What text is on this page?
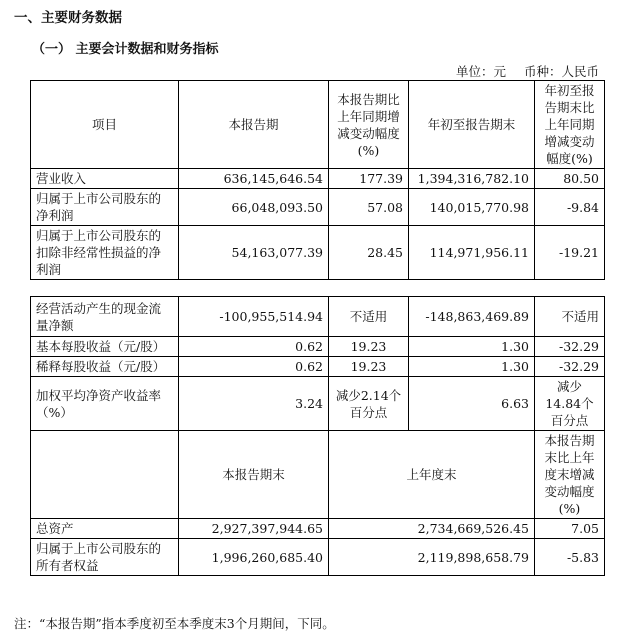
一、主要财务数据
（一） 主要会计数据和财务指标
单位：元 币种：人民币
项目	本报告期	本报告期比上年同期增减变动幅度(%)	年初至报告期末	年初至报告期末比上年同期增减变动幅度(%)
营业收入	636,145,646.54	177.39	1,394,316,782.10	80.50
归属于上市公司股东的净利润	66,048,093.50	57.08	140,015,770.98	-9.84
归属于上市公司股东的扣除非经常性损益的净利润	54,163,077.39	28.45	114,971,956.11	-19.21
经营活动产生的现金流量净额	-100,955,514.94	不适用	-148,863,469.89	不适用
基本每股收益（元/股）	0.62	19.23	1.30	-32.29
稀释每股收益（元/股）	0.62	19.23	1.30	-32.29
加权平均净资产收益率（%）	3.24	减少2.14个百分点	6.63	减少14.84个百分点
	本报告期末	上年度末		本报告期末比上年度末增减变动幅度(%)
总资产	2,927,397,944.65	2,734,669,526.45		7.05
归属于上市公司股东的所有者权益	1,996,260,685.40	2,119,898,658.79		-5.83
注：“本报告期”指本季度初至本季度末3个月期间，下同。
